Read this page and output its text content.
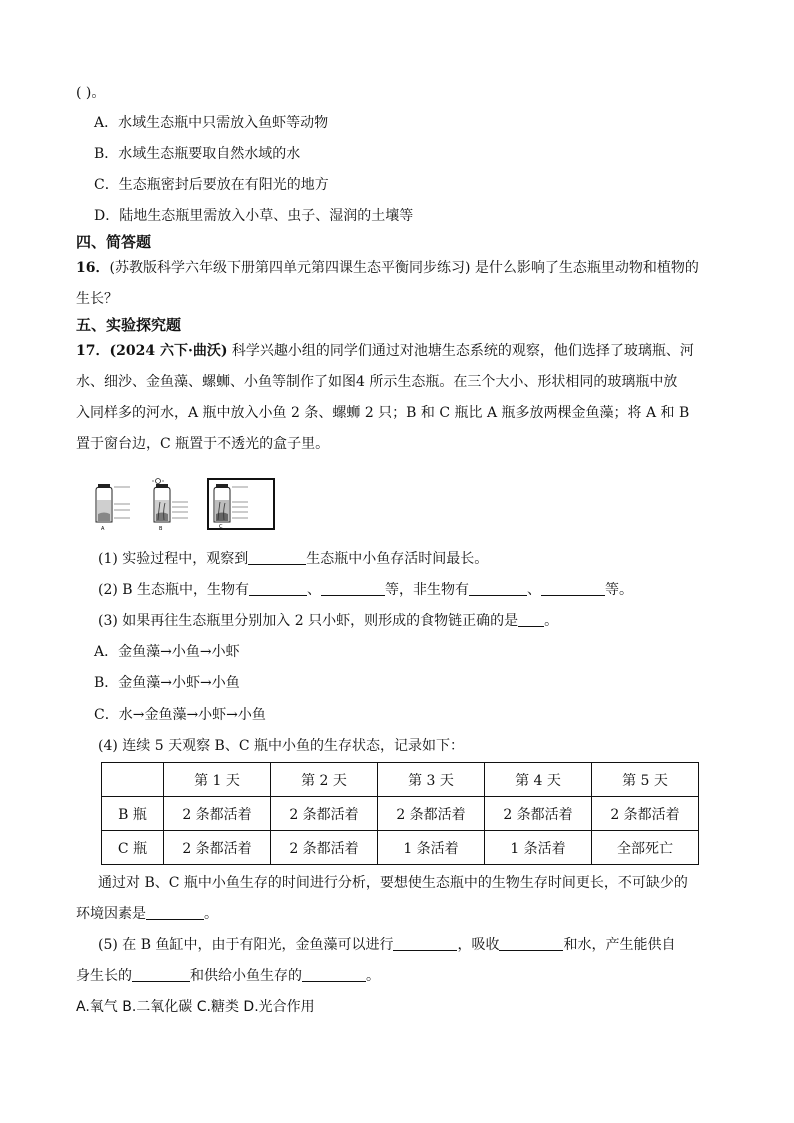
( )。
A．水域生态瓶中只需放入鱼虾等动物
B．水域生态瓶要取自然水域的水
C．生态瓶密封后要放在有阳光的地方
D．陆地生态瓶里需放入小草、虫子、湿润的土壤等
四、简答题
16．(苏教版科学六年级下册第四单元第四课生态平衡同步练习) 是什么影响了生态瓶里动物和植物的
生长？
五、实验探究题
17．(2024 六下·曲沃) 科学兴趣小组的同学们通过对池塘生态系统的观察，他们选择了玻璃瓶、河
水、细沙、金鱼藻、螺蛳、小鱼等制作了如图4 所示生态瓶。在三个大小、形状相同的玻璃瓶中放
入同样多的河水，A 瓶中放入小鱼 2 条、螺蛳 2 只；B 和 C 瓶比 A 瓶多放两棵金鱼藻；将 A 和 B
置于窗台边，C 瓶置于不透光的盒子里。
A	B	C
(1) 实验过程中，观察到	生态瓶中小鱼存活时间最长。
(2) B 生态瓶中，生物有	、	等，非生物有	、	等。
(3) 如果再往生态瓶里分别加入 2 只小虾，则形成的食物链正确的是 。
A．金鱼藻→小鱼→小虾
B．金鱼藻→小虾→小鱼
C．水→金鱼藻→小虾→小鱼
(4) 连续 5 天观察 B、C 瓶中小鱼的生存状态，记录如下：
	第 1 天	第 2 天	第 3 天	第 4 天	第 5 天
B 瓶	2 条都活着	2 条都活着	2 条都活着	2 条都活着	2 条都活着
C 瓶	2 条都活着	2 条都活着	1 条活着	1 条活着	全部死亡
通过对 B、C 瓶中小鱼生存的时间进行分析，要想使生态瓶中的生物生存时间更长，不可缺少的
环境因素是	。
(5) 在 B 鱼缸中，由于有阳光，金鱼藻可以进行	，吸收	和水，产生能供自
身生长的	和供给小鱼生存的	。
A.氧气 B.二氧化碳 C.糖类 D.光合作用
